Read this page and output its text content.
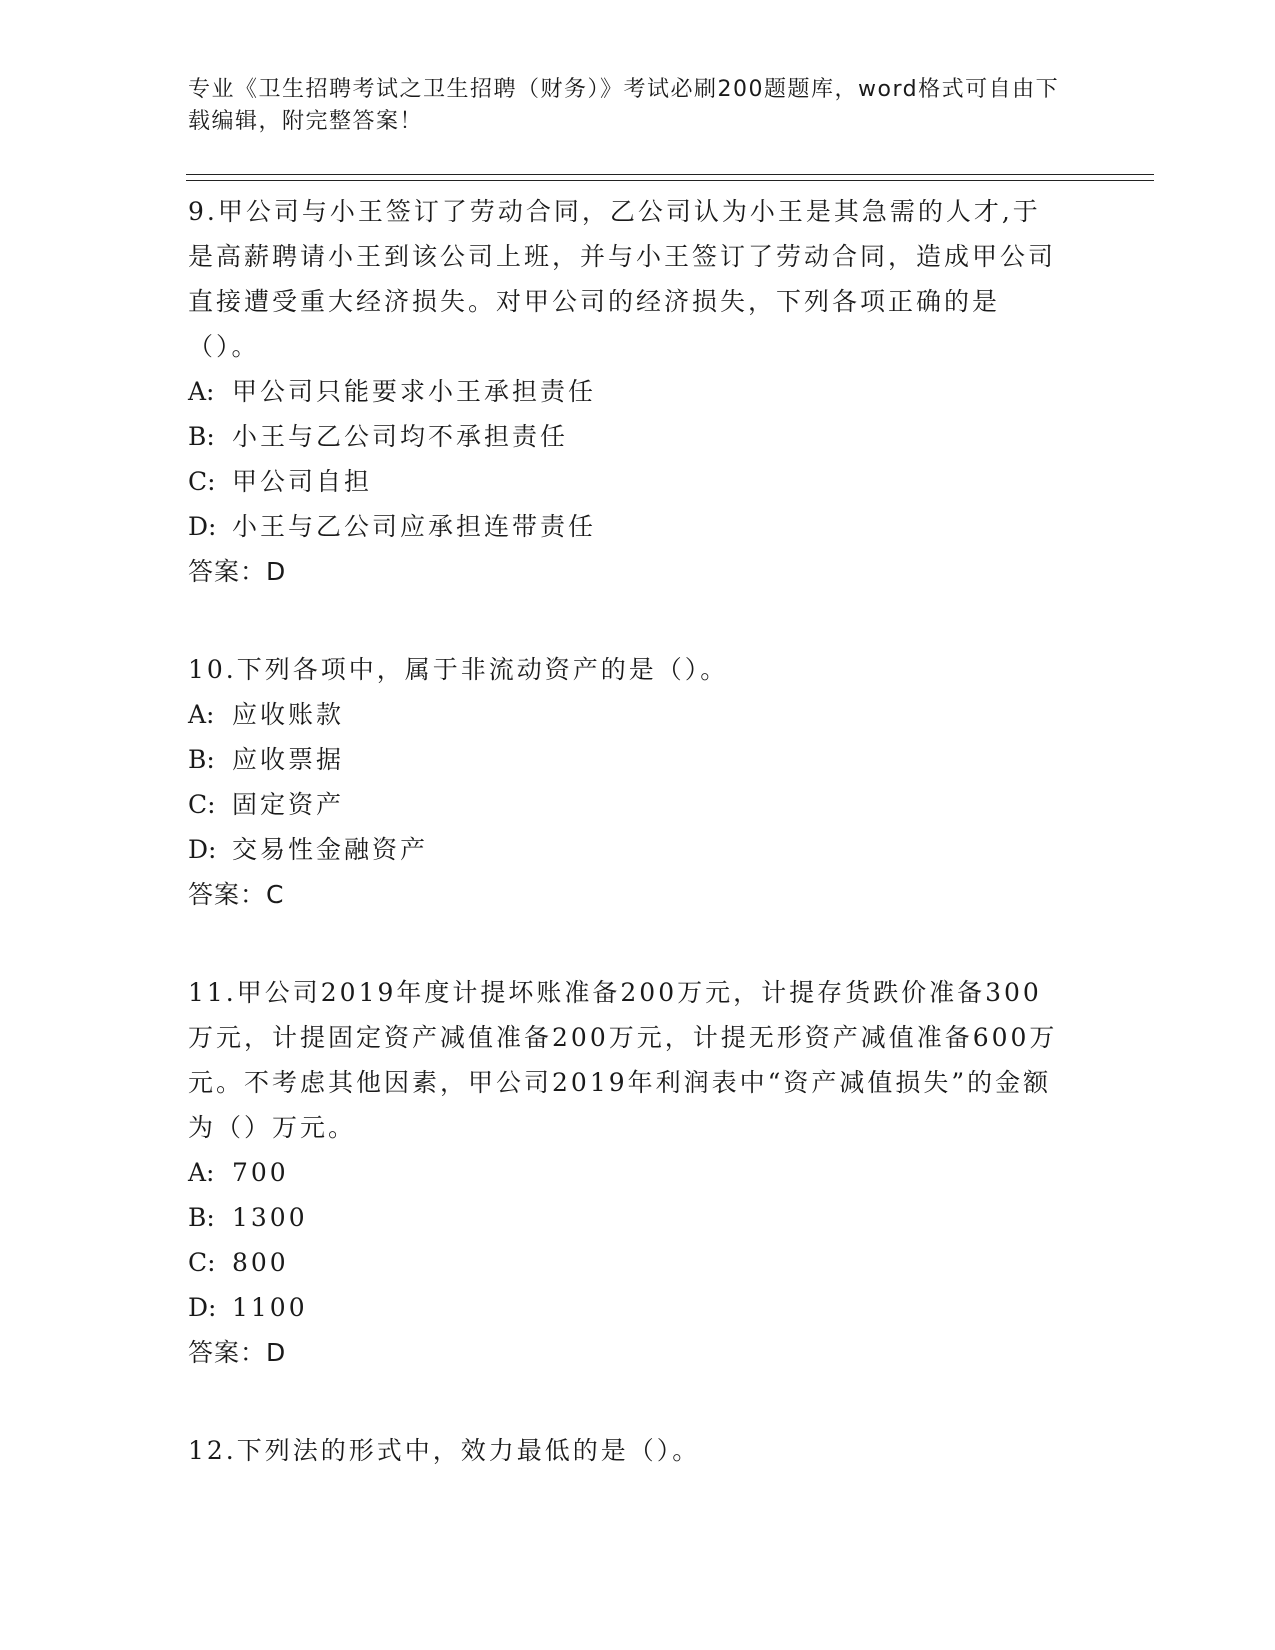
专业《卫生招聘考试之卫生招聘（财务）》考试必刷200题题库，word格式可自由下载编辑，附完整答案！
9.甲公司与小王签订了劳动合同，乙公司认为小王是其急需的人才,于是高薪聘请小王到该公司上班，并与小王签订了劳动合同，造成甲公司直接遭受重大经济损失。对甲公司的经济损失，下列各项正确的是（）。
A: 甲公司只能要求小王承担责任
B: 小王与乙公司均不承担责任
C: 甲公司自担
D: 小王与乙公司应承担连带责任
答案：D
10.下列各项中，属于非流动资产的是（）。
A: 应收账款
B: 应收票据
C: 固定资产
D: 交易性金融资产
答案：C
11.甲公司2019年度计提坏账准备200万元，计提存货跌价准备300万元，计提固定资产减值准备200万元，计提无形资产减值准备600万元。不考虑其他因素，甲公司2019年利润表中“资产减值损失”的金额为（）万元。
A: 700
B: 1300
C: 800
D: 1100
答案：D
12.下列法的形式中，效力最低的是（）。
